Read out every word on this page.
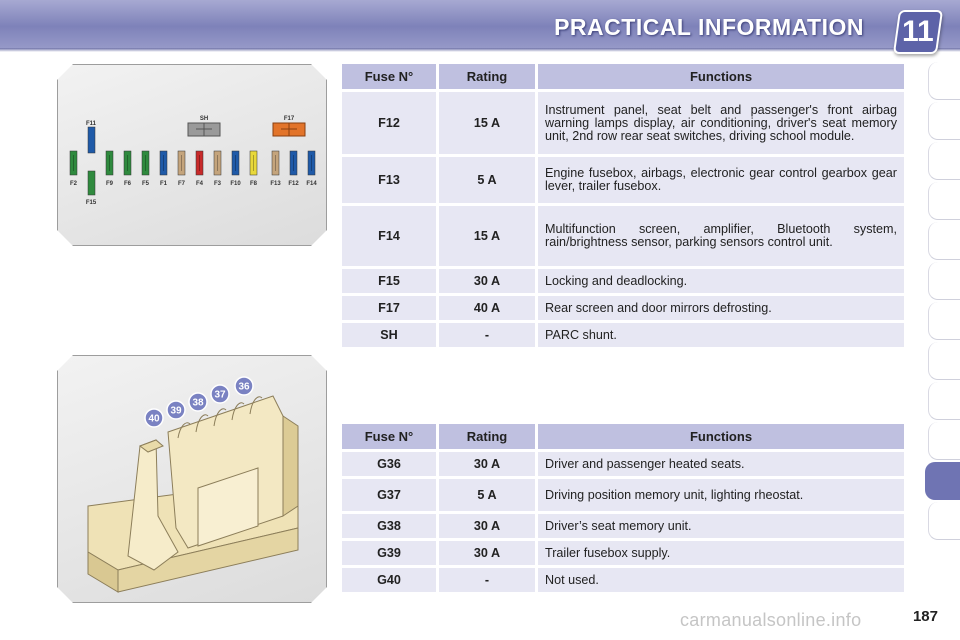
PRACTICAL INFORMATION 11
SH	F17
F11
F15
F2	F9 F6 F5 F1 F7 F4 F3 F10 F8 F13 F12 F14
40
39
38
37
36
Fuse N°	Rating	Functions
F12	15 A	Instrument panel, seat belt and passenger's front airbag warning lamps display, air conditioning, driver's seat memory unit, 2nd row rear seat switches, driving school module.
F13	5 A	Engine fusebox, airbags, electronic gear control gearbox gear lever, trailer fusebox.
F14	15 A	Multifunction screen, amplifier, Bluetooth system, rain/brightness sensor, parking sensors control unit.
F15	30 A	Locking and deadlocking.
F17	40 A	Rear screen and door mirrors defrosting.
SH	-	PARC shunt.
Fuse N°	Rating	Functions
G36	30 A	Driver and passenger heated seats.
G37	5 A	Driving position memory unit, lighting rheostat.
G38	30 A	Driver’s seat memory unit.
G39	30 A	Trailer fusebox supply.
G40	-	Not used.
187
carmanualsonline.info
